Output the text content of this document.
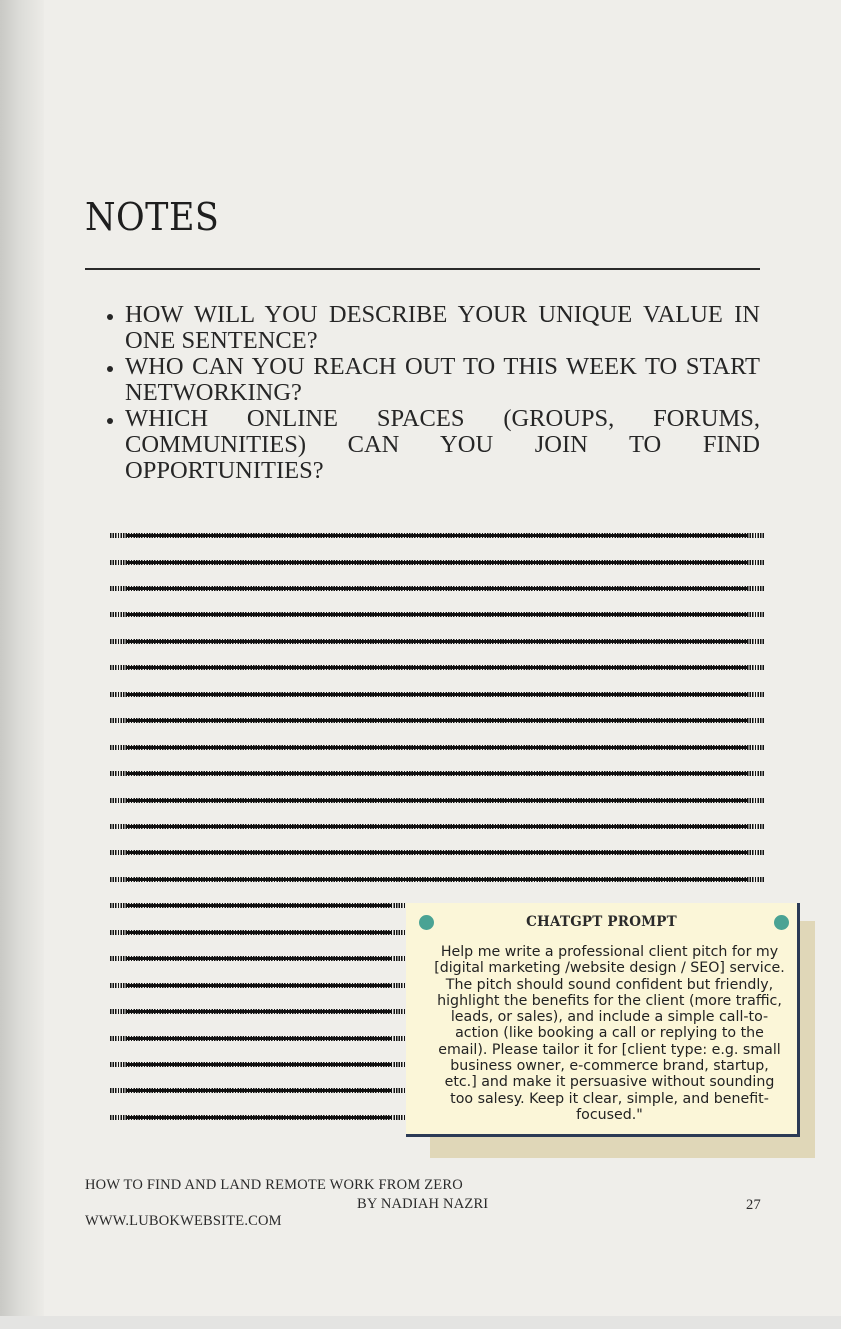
NOTES
• HOW WILL YOU DESCRIBE YOUR UNIQUE VALUE IN ONE SENTENCE?
• WHO CAN YOU REACH OUT TO THIS WEEK TO START NETWORKING?
• WHICH ONLINE SPACES (GROUPS, FORUMS, COMMUNITIES) CAN YOU JOIN TO FIND OPPORTUNITIES?
CHATGPT PROMPT
Help me write a professional client pitch for my [digital marketing /website design / SEO] service. The pitch should sound confident but friendly, highlight the benefits for the client (more traffic, leads, or sales), and include a simple call-to-action (like booking a call or replying to the email). Please tailor it for [client type: e.g. small business owner, e-commerce brand, startup, etc.] and make it persuasive without sounding too salesy. Keep it clear, simple, and benefit-focused."
HOW TO FIND AND LAND REMOTE WORK FROM ZERO
BY NADIAH NAZRI
WWW.LUBOKWEBSITE.COM
27
